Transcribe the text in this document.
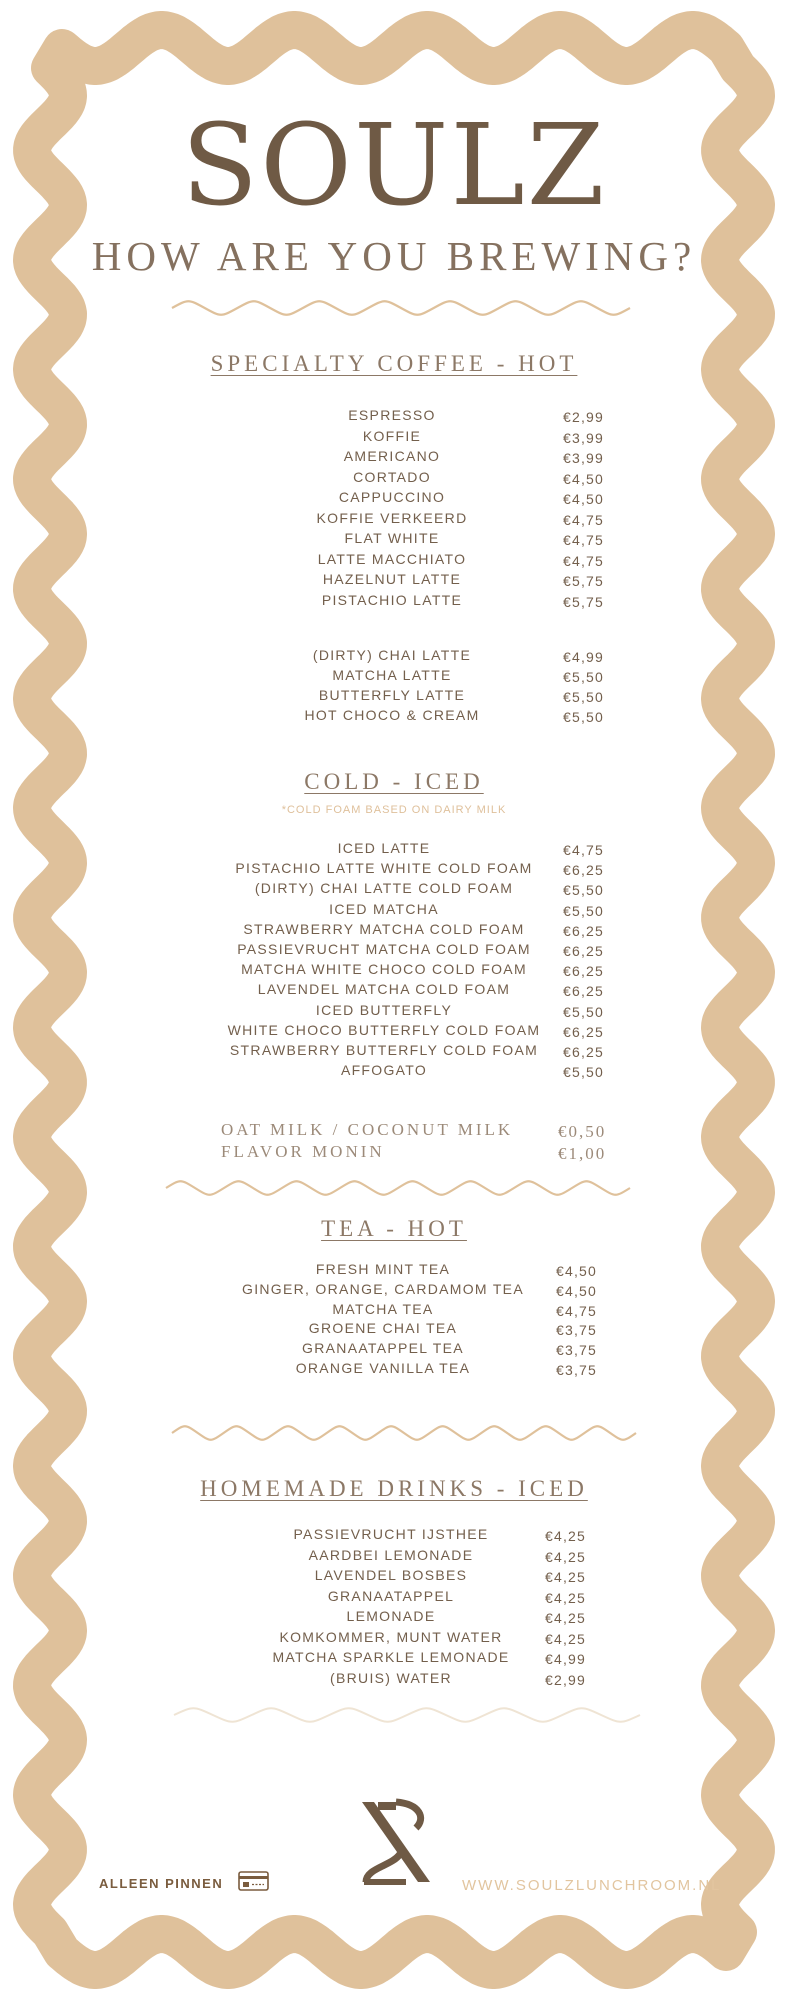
SOULZ
HOW ARE YOU BREWING?
SPECIALTY COFFEE - HOT
ESPRESSO	€2,99
KOFFIE	€3,99
AMERICANO	€3,99
CORTADO	€4,50
CAPPUCCINO	€4,50
KOFFIE VERKEERD	€4,75
FLAT WHITE	€4,75
LATTE MACCHIATO	€4,75
HAZELNUT LATTE	€5,75
PISTACHIO LATTE	€5,75
(DIRTY) CHAI LATTE	€4,99
MATCHA LATTE	€5,50
BUTTERFLY LATTE	€5,50
HOT CHOCO & CREAM	€5,50
COLD - ICED
*COLD FOAM BASED ON DAIRY MILK
ICED LATTE	€4,75
PISTACHIO LATTE WHITE COLD FOAM	€6,25
(DIRTY) CHAI LATTE COLD FOAM	€5,50
ICED MATCHA	€5,50
STRAWBERRY MATCHA COLD FOAM	€6,25
PASSIEVRUCHT MATCHA COLD FOAM	€6,25
MATCHA WHITE CHOCO COLD FOAM	€6,25
LAVENDEL MATCHA COLD FOAM	€6,25
ICED BUTTERFLY	€5,50
WHITE CHOCO BUTTERFLY COLD FOAM	€6,25
STRAWBERRY BUTTERFLY COLD FOAM	€6,25
AFFOGATO	€5,50
OAT MILK / COCONUT MILK	€0,50
FLAVOR MONIN	€1,00
TEA - HOT
FRESH MINT TEA	€4,50
GINGER, ORANGE, CARDAMOM TEA	€4,50
MATCHA TEA	€4,75
GROENE CHAI TEA	€3,75
GRANAATAPPEL TEA	€3,75
ORANGE VANILLA TEA	€3,75
HOMEMADE DRINKS - ICED
PASSIEVRUCHT IJSTHEE	€4,25
AARDBEI LEMONADE	€4,25
LAVENDEL BOSBES	€4,25
GRANAATAPPEL	€4,25
LEMONADE	€4,25
KOMKOMMER, MUNT WATER	€4,25
MATCHA SPARKLE LEMONADE	€4,99
(BRUIS) WATER	€2,99
ALLEEN PINNEN	WWW.SOULZLUNCHROOM.NL
